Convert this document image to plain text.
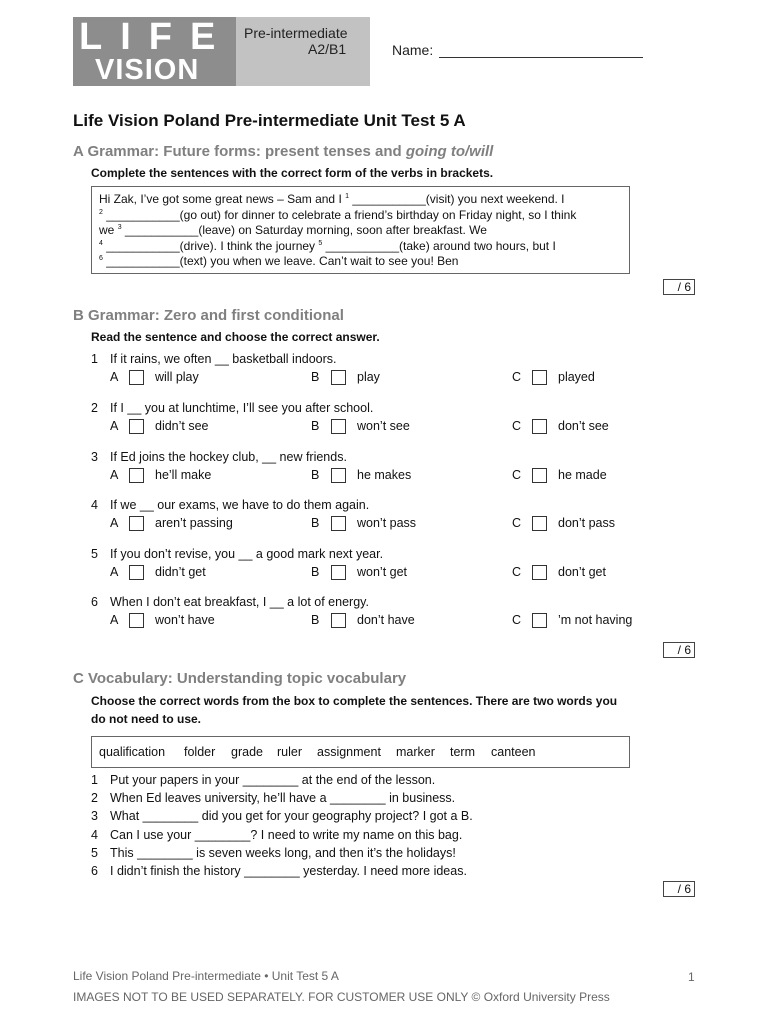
LIFE
VISION
Pre-intermediate
A2/B1	Name:
Life Vision Poland Pre-intermediate Unit Test 5 A
A Grammar: Future forms: present tenses and going to/will
Complete the sentences with the correct form of the verbs in brackets.
Hi Zak, I’ve got some great news – Sam and I $^1$ ___________(visit) you next weekend. I
$^2$ ___________(go out) for dinner to celebrate a friend’s birthday on Friday night, so I think
we $^3$ ___________(leave) on Saturday morning, soon after breakfast. We
$^4$ ___________(drive). I think the journey $^5$ ___________(take) around two hours, but I
$^6$ ___________(text) you when we leave. Can’t wait to see you! Ben
/ 6
B Grammar: Zero and first conditional
Read the sentence and choose the correct answer.
1 If it rains, we often __ basketball indoors.
A	will play	B	play	C	played
2 If I __ you at lunchtime, I’ll see you after school.
A	didn’t see	B	won’t see	C	don’t see
3 If Ed joins the hockey club, __ new friends.
A	he’ll make	B	he makes	C	he made
4 If we __ our exams, we have to do them again.
A	aren’t passing	B	won’t pass	C	don’t pass
5 If you don’t revise, you __ a good mark next year.
A	didn’t get	B	won’t get	C	don’t get
6 When I don’t eat breakfast, I __ a lot of energy.
A	won’t have	B	don’t have	C	’m not having
/ 6
C Vocabulary: Understanding topic vocabulary
Choose the correct words from the box to complete the sentences. There are two words you
do not need to use.
qualification folder grade ruler assignment marker term canteen
1 Put your papers in your ________ at the end of the lesson.
2 When Ed leaves university, he’ll have a ________ in business.
3 What ________ did you get for your geography project? I got a B.
4 Can I use your ________? I need to write my name on this bag.
5 This ________ is seven weeks long, and then it’s the holidays!
6 I didn’t finish the history ________ yesterday. I need more ideas.
/ 6
Life Vision Poland Pre-intermediate • Unit Test 5 A	1
IMAGES NOT TO BE USED SEPARATELY. FOR CUSTOMER USE ONLY © Oxford University Press
